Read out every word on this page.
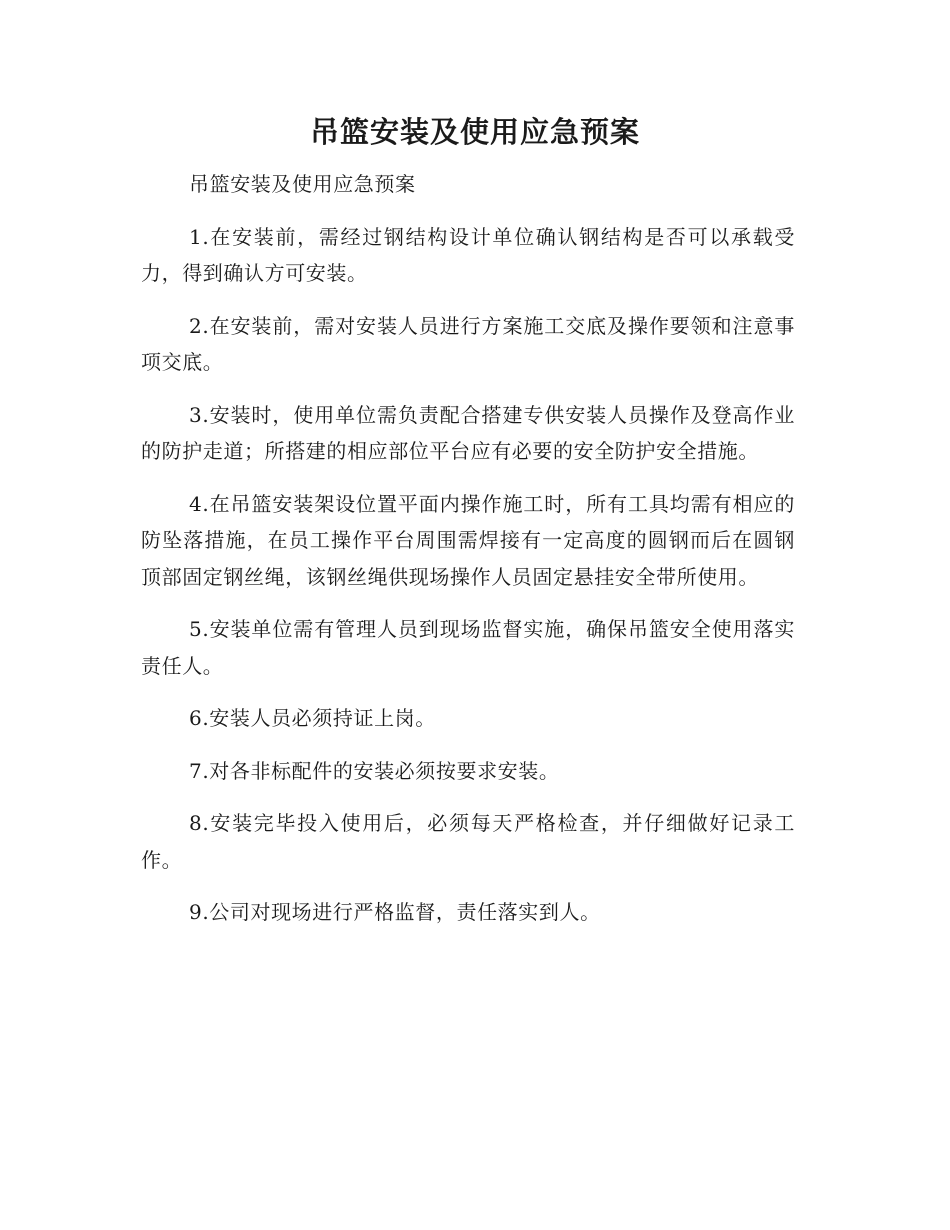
吊篮安装及使用应急预案

吊篮安装及使用应急预案

1.在安装前，需经过钢结构设计单位确认钢结构是否可以承载受力，得到确认方可安装。

2.在安装前，需对安装人员进行方案施工交底及操作要领和注意事项交底。

3.安装时，使用单位需负责配合搭建专供安装人员操作及登高作业的防护走道；所搭建的相应部位平台应有必要的安全防护安全措施。

4.在吊篮安装架设位置平面内操作施工时，所有工具均需有相应的防坠落措施，在员工操作平台周围需焊接有一定高度的圆钢而后在圆钢顶部固定钢丝绳，该钢丝绳供现场操作人员固定悬挂安全带所使用。

5.安装单位需有管理人员到现场监督实施，确保吊篮安全使用落实责任人。

6.安装人员必须持证上岗。

7.对各非标配件的安装必须按要求安装。

8.安装完毕投入使用后，必须每天严格检查，并仔细做好记录工作。

9.公司对现场进行严格监督，责任落实到人。
